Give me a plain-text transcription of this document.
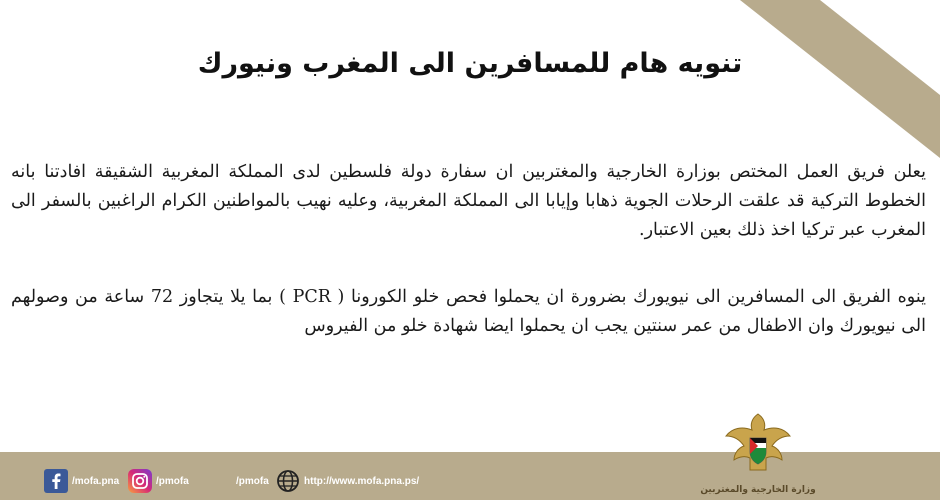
تنويه هام للمسافرين الى المغرب ونيورك
يعلن فريق العمل المختص بوزارة الخارجية والمغتربين ان سفارة دولة فلسطين لدى المملكة المغربية الشقيقة افادتنا بانه الخطوط التركية قد علقت الرحلات الجوية ذهابا وإيابا الى المملكة المغربية، وعليه نهيب بالمواطنين الكرام الراغبين بالسفر الى المغرب عبر تركيا اخذ ذلك بعين الاعتبار.
ينوه الفريق الى المسافرين الى نيويورك بضرورة ان يحملوا فحص خلو الكورونا ( PCR ) بما يلا يتجاوز 72 ساعة من وصولهم الى نيويورك وان الاطفال من عمر سنتين يجب ان يحملوا ايضا شهادة خلو من الفيروس
/mofa.pna	/pmofa	/pmofa	http://www.mofa.pna.ps/
وزارة الخارجية والمغتربين
